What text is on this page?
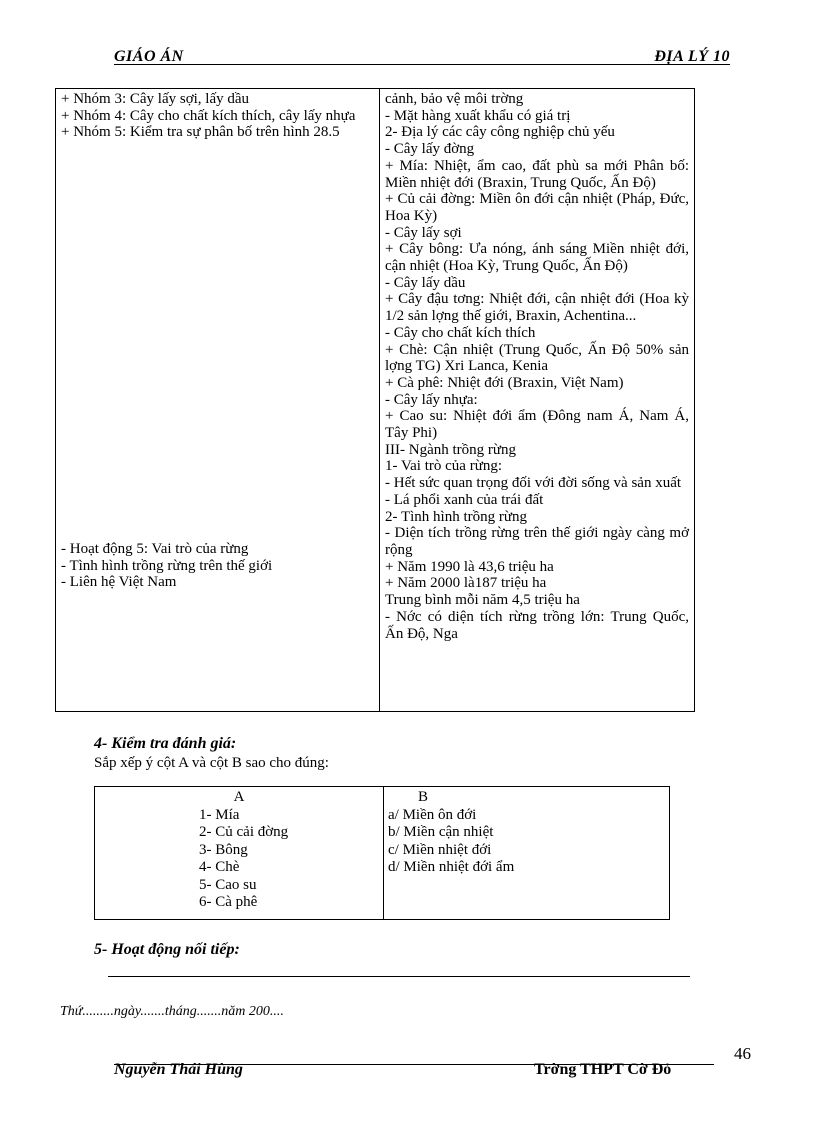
GIÁO ÁN	ĐỊA LÝ 10
+ Nhóm 3: Cây lấy sợi, lấy dầu
+ Nhóm 4: Cây cho chất kích thích, cây lấy nhựa
+ Nhóm 5: Kiểm tra sự phân bố trên hình 28.5
- Hoạt động 5: Vai trò của rừng
- Tình hình trồng rừng trên thế giới
- Liên hệ Việt Nam

cảnh, bảo vệ môi trờng
- Mặt hàng xuất khẩu có giá trị
2- Địa lý các cây công nghiệp chủ yếu
- Cây lấy đờng
+ Mía: Nhiệt, ẩm cao, đất phù sa mới Phân bố: Miền nhiệt đới (Braxin, Trung Quốc, Ấn Độ)
+ Củ cải đờng: Miền ôn đới cận nhiệt (Pháp, Đức, Hoa Kỳ)
- Cây lấy sợi
+ Cây bông: Ưa nóng, ánh sáng Miền nhiệt đới, cận nhiệt (Hoa Kỳ, Trung Quốc, Ấn Độ)
- Cây lấy dầu
+ Cây đậu tơng: Nhiệt đới, cận nhiệt đới (Hoa kỳ 1/2 sản lợng thế giới, Braxin, Achentina...
- Cây cho chất kích thích
+ Chè: Cận nhiệt (Trung Quốc, Ấn Độ 50% sản lợng TG) Xri Lanca, Kenia
+ Cà phê: Nhiệt đới (Braxin, Việt Nam)
- Cây lấy nhựa:
+ Cao su: Nhiệt đới ẩm (Đông nam Á, Nam Á, Tây Phi)
III- Ngành trồng rừng
1- Vai trò của rừng:
- Hết sức quan trọng đối với đời sống và sản xuất
- Lá phổi xanh của trái đất
2- Tình hình trồng rừng
- Diện tích trồng rừng trên thế giới ngày càng mở rộng
+ Năm 1990 là 43,6 triệu ha
+ Năm 2000 là187 triệu ha
Trung bình mỗi năm 4,5 triệu ha
- Nớc có diện tích rừng trồng lớn: Trung Quốc, Ấn Độ, Nga
4- Kiểm tra đánh giá:
Sắp xếp ý cột A và cột B sao cho đúng:
A
1- Mía
2- Củ cải đờng
3- Bông
4- Chè
5- Cao su
6- Cà phê

B
a/ Miền ôn đới
b/ Miền cận nhiệt
c/ Miền nhiệt đới
d/ Miền nhiệt đới ẩm
5- Hoạt động nối tiếp:
Thứ.........ngày.......tháng.......năm 200....
46
Nguyễn Thái Hùng	Trờng THPT Cờ Đỏ
